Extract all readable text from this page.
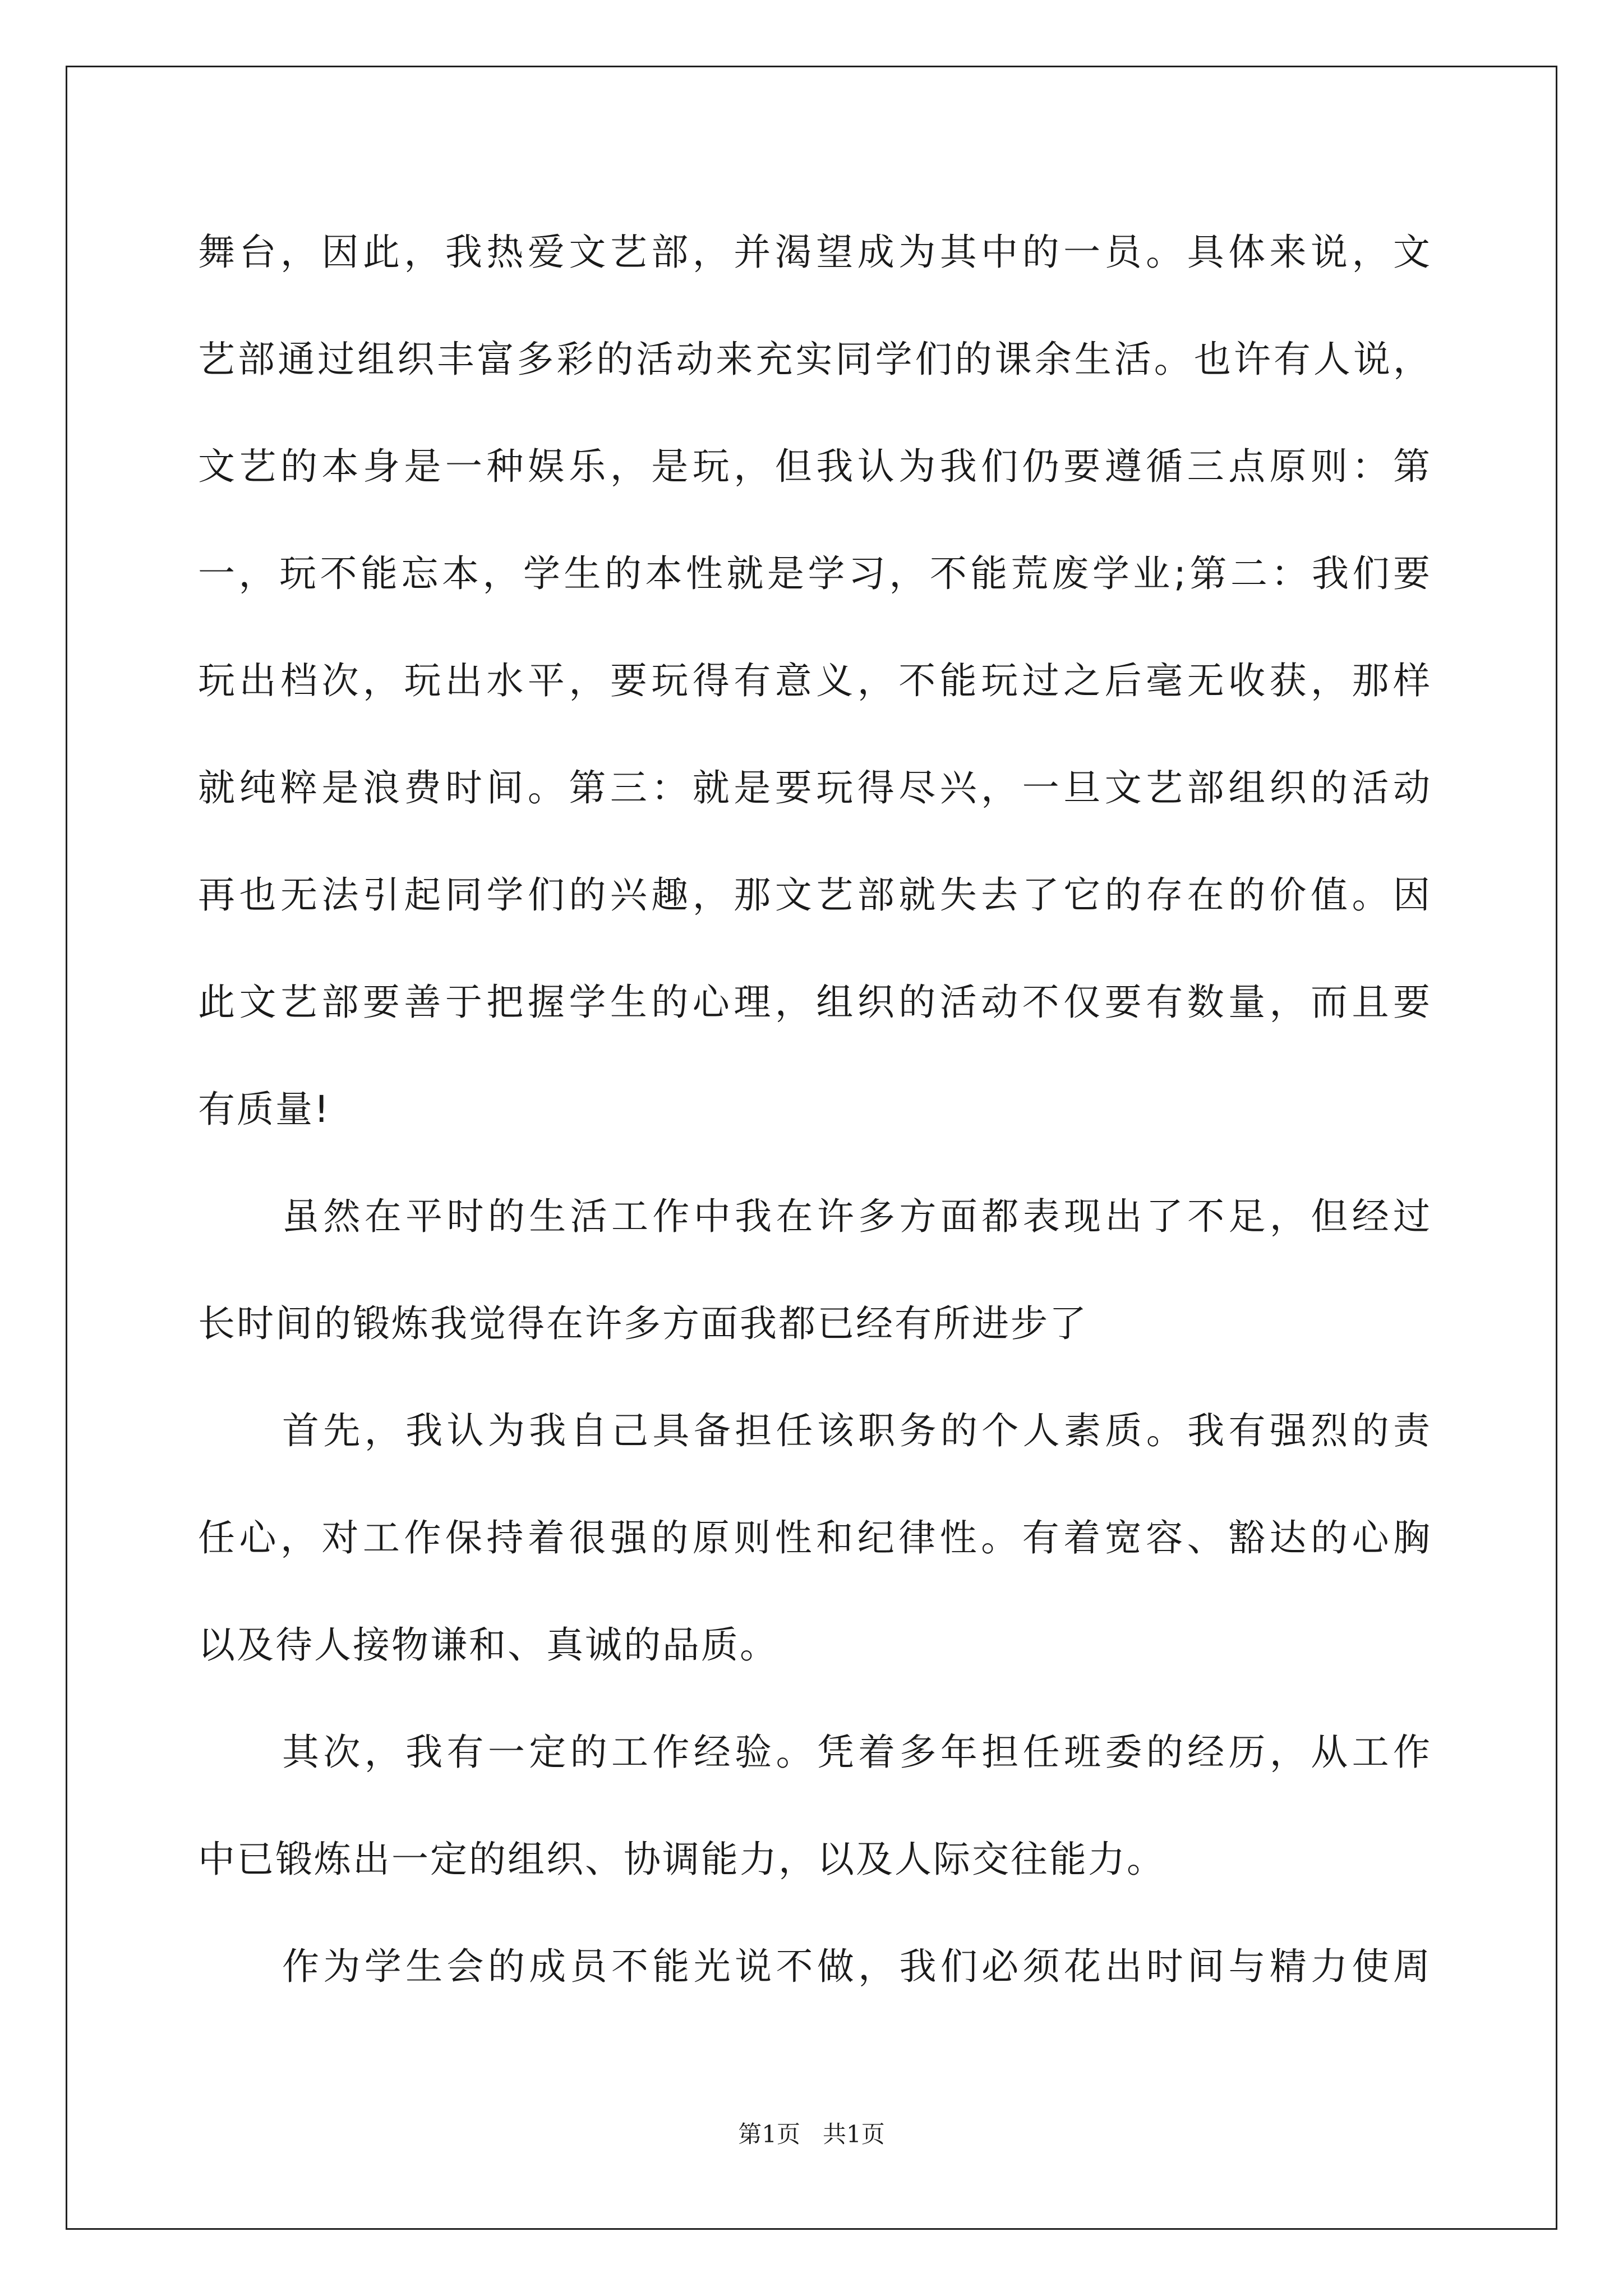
舞台，因此，我热爱文艺部，并渴望成为其中的一员。具体来说，文
艺部通过组织丰富多彩的活动来充实同学们的课余生活。也许有人说，
文艺的本身是一种娱乐，是玩，但我认为我们仍要遵循三点原则：第
一，玩不能忘本，学生的本性就是学习，不能荒废学业;第二：我们要
玩出档次，玩出水平，要玩得有意义，不能玩过之后毫无收获，那样
就纯粹是浪费时间。第三：就是要玩得尽兴，一旦文艺部组织的活动
再也无法引起同学们的兴趣，那文艺部就失去了它的存在的价值。因
此文艺部要善于把握学生的心理，组织的活动不仅要有数量，而且要
有质量!
虽然在平时的生活工作中我在许多方面都表现出了不足，但经过
长时间的锻炼我觉得在许多方面我都已经有所进步了
首先，我认为我自己具备担任该职务的个人素质。我有强烈的责
任心，对工作保持着很强的原则性和纪律性。有着宽容、豁达的心胸
以及待人接物谦和、真诚的品质。
其次，我有一定的工作经验。凭着多年担任班委的经历，从工作
中已锻炼出一定的组织、协调能力，以及人际交往能力。
作为学生会的成员不能光说不做，我们必须花出时间与精力使周
第1页 共1页
